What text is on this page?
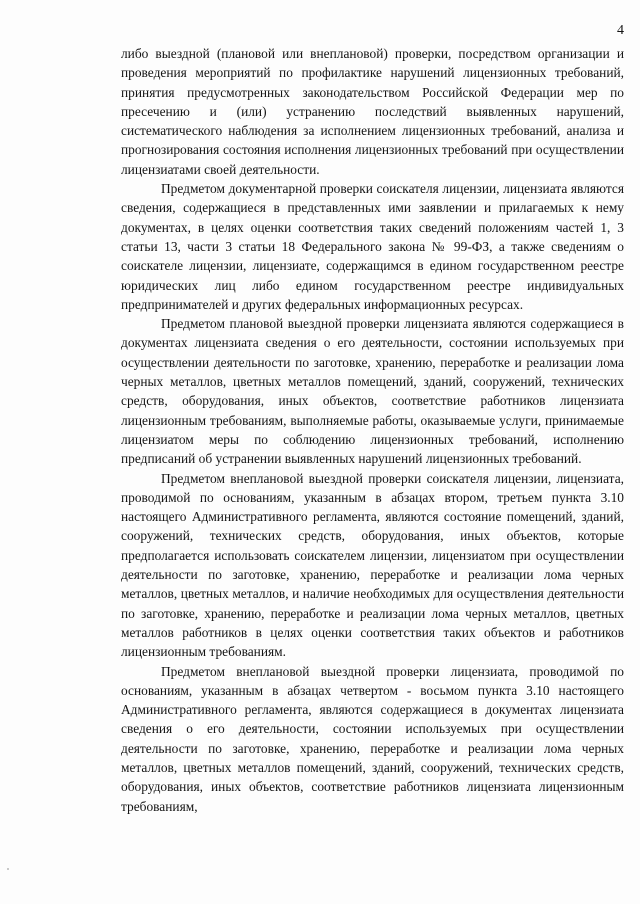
4

либо выездной (плановой или внеплановой) проверки, посредством организации и проведения мероприятий по профилактике нарушений лицензионных требований, принятия предусмотренных законодательством Российской Федерации мер по пресечению и (или) устранению последствий выявленных нарушений, систематического наблюдения за исполнением лицензионных требований, анализа и прогнозирования состояния исполнения лицензионных требований при осуществлении лицензиатами своей деятельности.

Предметом документарной проверки соискателя лицензии, лицензиата являются сведения, содержащиеся в представленных ими заявлении и прилагаемых к нему документах, в целях оценки соответствия таких сведений положениям частей 1, 3 статьи 13, части 3 статьи 18 Федерального закона № 99-ФЗ, а также сведениям о соискателе лицензии, лицензиате, содержащимся в едином государственном реестре юридических лиц либо едином государственном реестре индивидуальных предпринимателей и других федеральных информационных ресурсах.

Предметом плановой выездной проверки лицензиата являются содержащиеся в документах лицензиата сведения о его деятельности, состоянии используемых при осуществлении деятельности по заготовке, хранению, переработке и реализации лома черных металлов, цветных металлов помещений, зданий, сооружений, технических средств, оборудования, иных объектов, соответствие работников лицензиата лицензионным требованиям, выполняемые работы, оказываемые услуги, принимаемые лицензиатом меры по соблюдению лицензионных требований, исполнению предписаний об устранении выявленных нарушений лицензионных требований.

Предметом внеплановой выездной проверки соискателя лицензии, лицензиата, проводимой по основаниям, указанным в абзацах втором, третьем пункта 3.10 настоящего Административного регламента, являются состояние помещений, зданий, сооружений, технических средств, оборудования, иных объектов, которые предполагается использовать соискателем лицензии, лицензиатом при осуществлении деятельности по заготовке, хранению, переработке и реализации лома черных металлов, цветных металлов, и наличие необходимых для осуществления деятельности по заготовке, хранению, переработке и реализации лома черных металлов, цветных металлов работников в целях оценки соответствия таких объектов и работников лицензионным требованиям.

Предметом внеплановой выездной проверки лицензиата, проводимой по основаниям, указанным в абзацах четвертом - восьмом пункта 3.10 настоящего Административного регламента, являются содержащиеся в документах лицензиата сведения о его деятельности, состоянии используемых при осуществлении деятельности по заготовке, хранению, переработке и реализации лома черных металлов, цветных металлов помещений, зданий, сооружений, технических средств, оборудования, иных объектов, соответствие работников лицензиата лицензионным требованиям,
